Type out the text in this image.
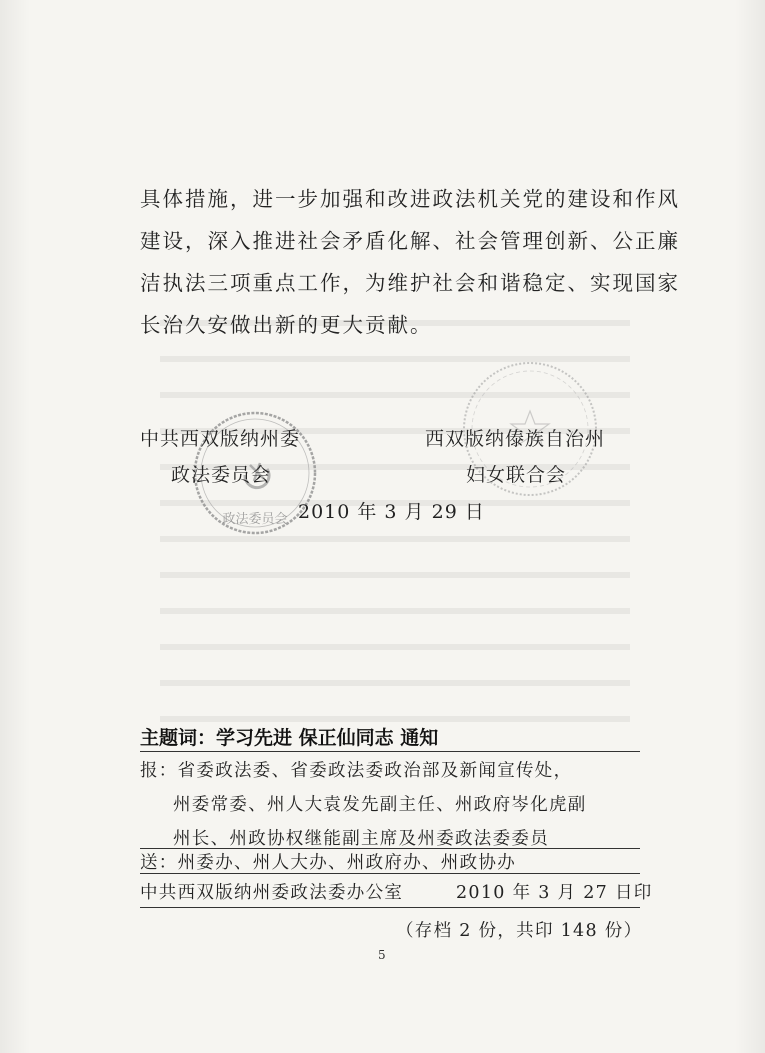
具体措施，进一步加强和改进政法机关党的建设和作风
建设，深入推进社会矛盾化解、社会管理创新、公正廉
洁执法三项重点工作，为维护社会和谐稳定、实现国家
长治久安做出新的更大贡献。
政法委员会
中共西双版纳州委
政法委员会
西双版纳傣族自治州
妇女联合会
2010 年 3 月 29 日
主题词：学习先进 保正仙同志 通知
报：省委政法委、省委政法委政治部及新闻宣传处，
州委常委、州人大袁发先副主任、州政府岑化虎副
州长、州政协权继能副主席及州委政法委委员
送：州委办、州人大办、州政府办、州政协办
中共西双版纳州委政法委办公室	2010 年 3 月 27 日印
（存档 2 份，共印 148 份）
5
